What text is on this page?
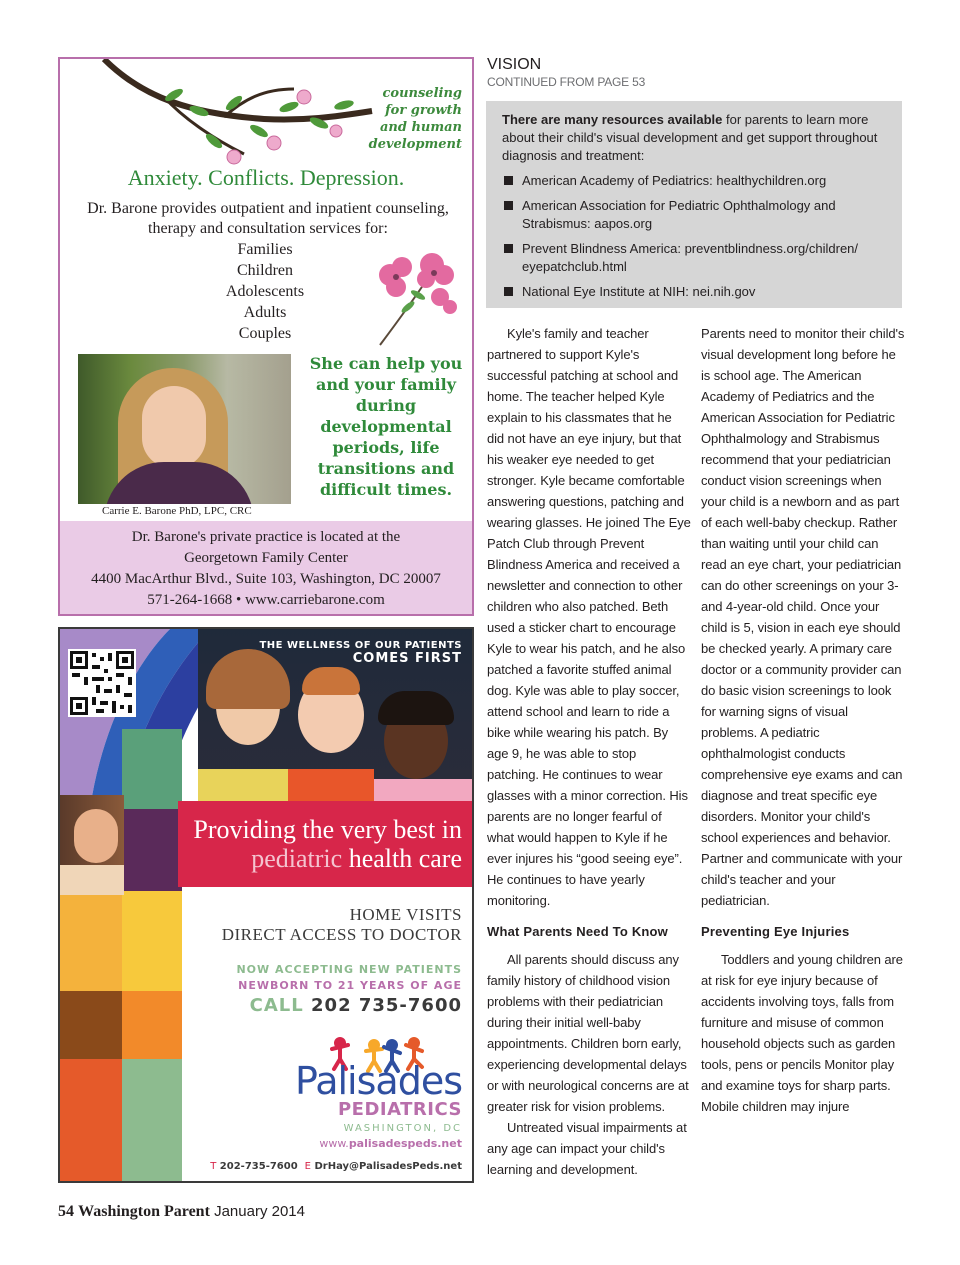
counseling
for growth
and human development
Anxiety. Conflicts. Depression.
Dr. Barone provides outpatient and inpatient counseling, therapy and consultation services for:
Families
Children
Adolescents
Adults
Couples
She can help you and your family during developmental periods, life transitions and difficult times.
Carrie E. Barone PhD, LPC, CRC
Dr. Barone's private practice is located at the
Georgetown Family Center
4400 MacArthur Blvd., Suite 103, Washington, DC 20007
571-264-1668 • www.carriebarone.com
THE WELLNESS OF OUR PATIENTS
COMES FIRST
Providing the very best in
pediatric health care
HOME VISITS
DIRECT ACCESS TO DOCTOR
NOW ACCEPTING NEW PATIENTS
NEWBORN TO 21 YEARS OF AGE
CALL 202 735-7600
Palisades
PEDIATRICS
WASHINGTON, DC
www.palisadespeds.net
T 202-735-7600 E DrHay@PalisadesPeds.net
VISION
CONTINUED FROM PAGE 53
There are many resources available for parents to learn more about their child's visual development and get support throughout diagnosis and treatment:
American Academy of Pediatrics: healthychildren.org
American Association for Pediatric Ophthalmology and Strabismus: aapos.org
Prevent Blindness America: preventblindness.org/children/ eyepatchclub.html
National Eye Institute at NIH: nei.nih.gov

Kyle's family and teacher partnered to support Kyle's successful patching at school and home. The teacher helped Kyle explain to his classmates that he did not have an eye injury, but that his weaker eye needed to get stronger. Kyle became comfortable answering questions, patching and wearing glasses. He joined The Eye Patch Club through Prevent Blindness America and received a newsletter and connection to other children who also patched. Beth used a sticker chart to encourage Kyle to wear his patch, and he also patched a favorite stuffed animal dog. Kyle was able to play soccer, attend school and learn to ride a bike while wearing his patch. By age 9, he was able to stop patching. He continues to wear glasses with a minor correction. His parents are no longer fearful of what would happen to Kyle if he ever injures his “good seeing eye”. He continues to have yearly monitoring.

What Parents Need To Know

All parents should discuss any family history of childhood vision problems with their pediatrician during their initial well-baby appointments. Children born early, experiencing developmental delays or with neurological concerns are at greater risk for vision problems.

Untreated visual impairments at any age can impact your child's learning and development.

Parents need to monitor their child's visual development long before he is school age. The American Academy of Pediatrics and the American Association for Pediatric Ophthalmology and Strabismus recommend that your pediatrician conduct vision screenings when your child is a newborn and as part of each well-baby checkup. Rather than waiting until your child can read an eye chart, your pediatrician can do other screenings on your 3- and 4-year-old child. Once your child is 5, vision in each eye should be checked yearly. A primary care doctor or a community provider can do basic vision screenings to look for warning signs of visual problems. A pediatric ophthalmologist conducts comprehensive eye exams and can diagnose and treat specific eye disorders. Monitor your child's school experiences and behavior. Partner and communicate with your child's teacher and your pediatrician.

Preventing Eye Injuries

Toddlers and young children are at risk for eye injury because of accidents involving toys, falls from furniture and misuse of common household objects such as garden tools, pens or pencils Monitor play and examine toys for sharp parts. Mobile children may injure

54 Washington Parent January 2014
